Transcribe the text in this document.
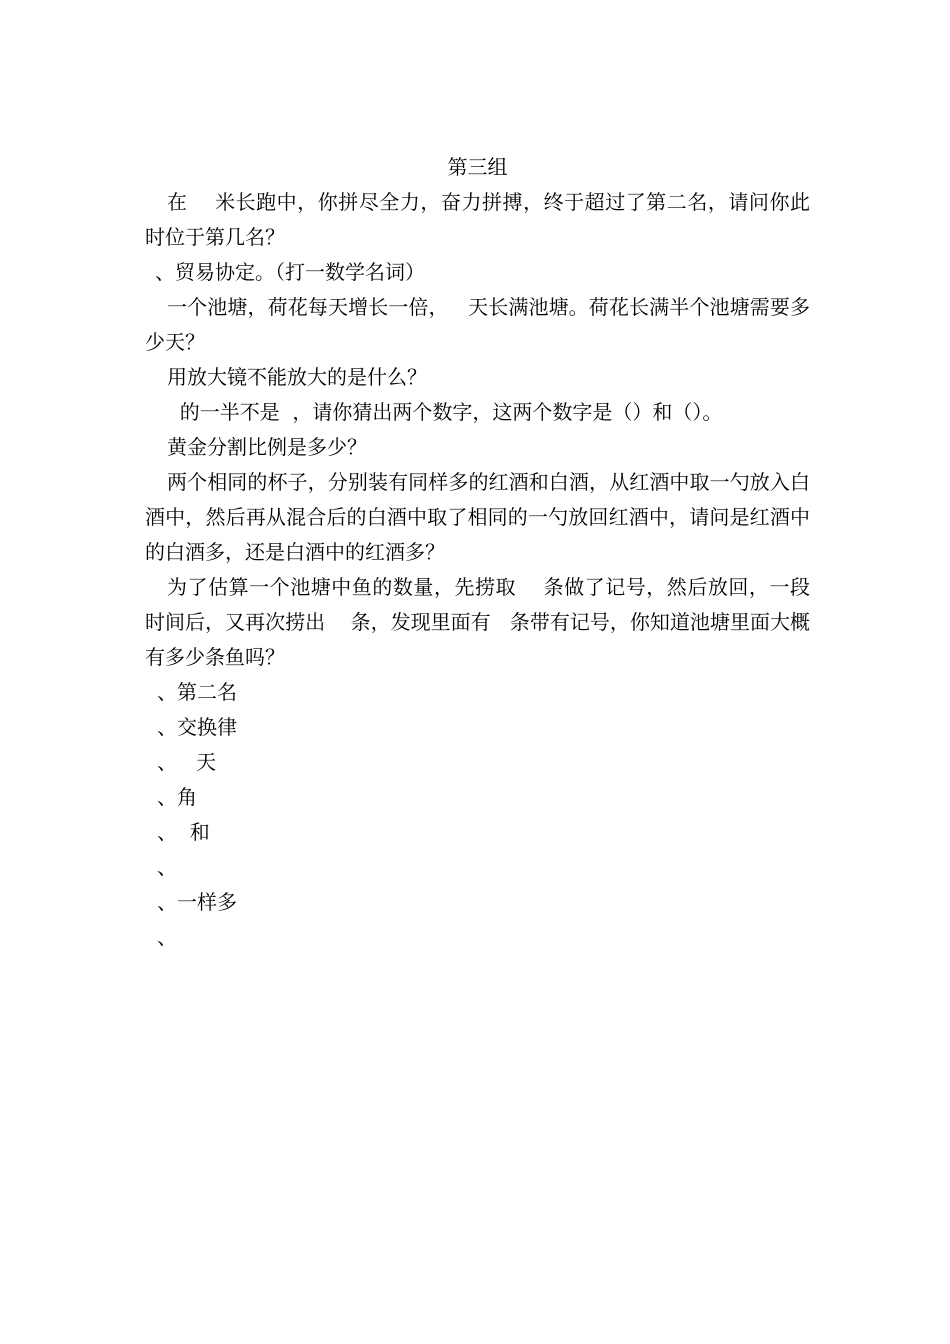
第三组

在    米长跑中，你拼尽全力，奋力拼搏，终于超过了第二名，请问你此时位于第几名？

、贸易协定。（打一数学名词）

一个池塘，荷花每天增长一倍，   天长满池塘。荷花长满半个池塘需要多少天？

用放大镜不能放大的是什么？

的一半不是  ，请你猜出两个数字，这两个数字是（）和（）。

黄金分割比例是多少？

两个相同的杯子，分别装有同样多的红酒和白酒，从红酒中取一勺放入白酒中，然后再从混合后的白酒中取了相同的一勺放回红酒中，请问是红酒中的白酒多，还是白酒中的红酒多？

为了估算一个池塘中鱼的数量，先捞取    条做了记号，然后放回，一段时间后，又再次捞出    条，发现里面有   条带有记号，你知道池塘里面大概有多少条鱼吗？

、第二名
、交换律
、   天
、角
、  和
、
、一样多
、
